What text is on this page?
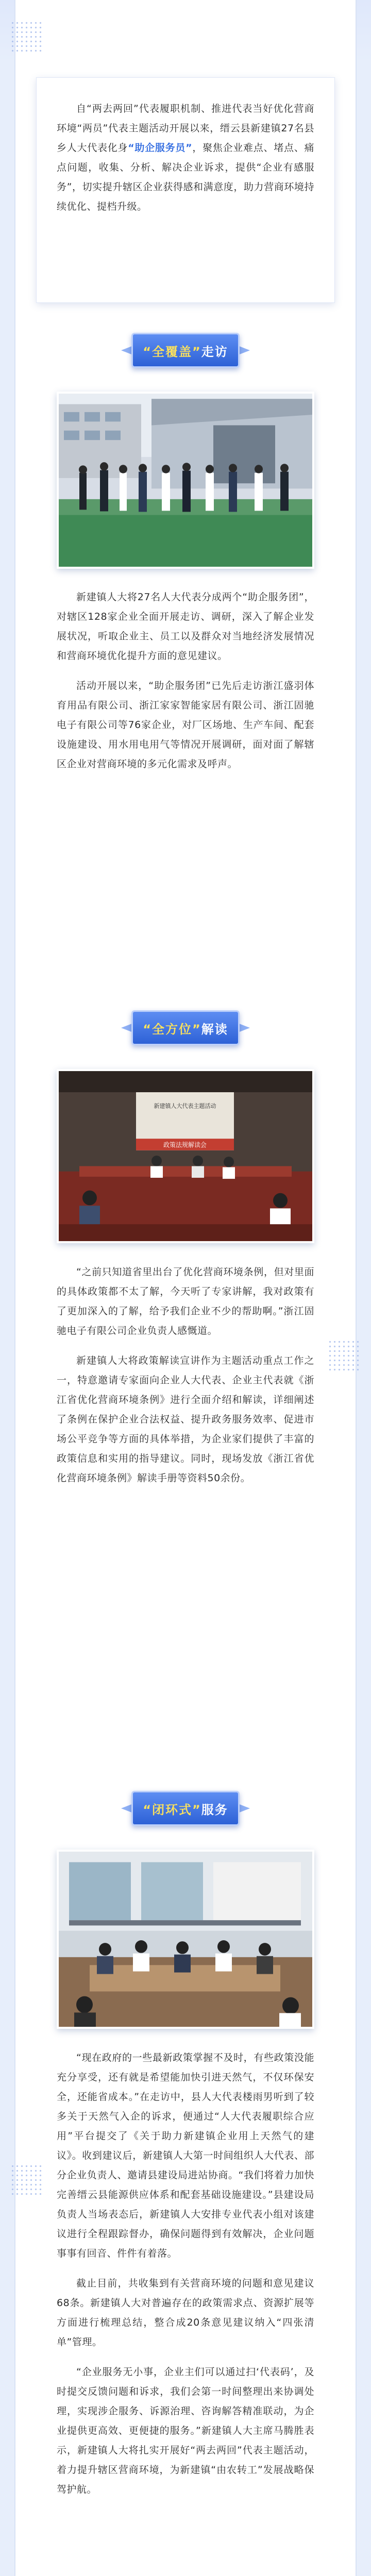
自“两去两回”代表履职机制、推进代表当好优化营商环境“两员”代表主题活动开展以来，缙云县新建镇27名县乡人大代表化身“助企服务员”，聚焦企业难点、堵点、痛点问题，收集、分析、解决企业诉求，提供“企业有感服务”，切实提升辖区企业获得感和满意度，助力营商环境持续优化、提档升级。

“全覆盖” 走访

新建镇人大将27名人大代表分成两个“助企服务团”，对辖区128家企业全面开展走访、调研，深入了解企业发展状况，听取企业主、员工以及群众对当地经济发展情况和营商环境优化提升方面的意见建议。

活动开展以来，“助企服务团”已先后走访浙江盛羽体育用品有限公司、浙江家家智能家居有限公司、浙江固驰电子有限公司等76家企业，对厂区场地、生产车间、配套设施建设、用水用电用气等情况开展调研，面对面了解辖区企业对营商环境的多元化需求及呼声。

“全方位” 解读
新建镇人大代表主题活动
政策法规解读会

“之前只知道省里出台了优化营商环境条例，但对里面的具体政策都不太了解，今天听了专家讲解，我对政策有了更加深入的了解，给予我们企业不少的帮助啊。”浙江固驰电子有限公司企业负责人感慨道。

新建镇人大将政策解读宣讲作为主题活动重点工作之一，特意邀请专家面向企业人大代表、企业主代表就《浙江省优化营商环境条例》进行全面介绍和解读，详细阐述了条例在保护企业合法权益、提升政务服务效率、促进市场公平竞争等方面的具体举措，为企业家们提供了丰富的政策信息和实用的指导建议。同时，现场发放《浙江省优化营商环境条例》解读手册等资料50余份。

“闭环式” 服务

“现在政府的一些最新政策掌握不及时，有些政策没能充分享受，还有就是希望能加快引进天然气，不仅环保安全，还能省成本。”在走访中，县人大代表楼雨男听到了较多关于天然气入企的诉求，便通过“人大代表履职综合应用”平台提交了《关于助力新建镇企业用上天然气的建议》。收到建议后，新建镇人大第一时间组织人大代表、部分企业负责人、邀请县建设局进站协商。“我们将着力加快完善缙云县能源供应体系和配套基础设施建设。”县建设局负责人当场表态后，新建镇人大安排专业代表小组对该建议进行全程跟踪督办，确保问题得到有效解决，企业问题事事有回音、件件有着落。

截止目前，共收集到有关营商环境的问题和意见建议68条。新建镇人大对普遍存在的政策需求点、资源扩展等方面进行梳理总结，整合成20条意见建议纳入“四张清单”管理。

“企业服务无小事，企业主们可以通过扫‘代表码’，及时提交反馈问题和诉求，我们会第一时间整理出来协调处理，实现涉企服务、诉源治理、咨询解答精准联动，为企业提供更高效、更便捷的服务。”新建镇人大主席马腾胜表示，新建镇人大将扎实开展好“两去两回”代表主题活动，着力提升辖区营商环境，为新建镇“由农转工”发展战略保驾护航。
